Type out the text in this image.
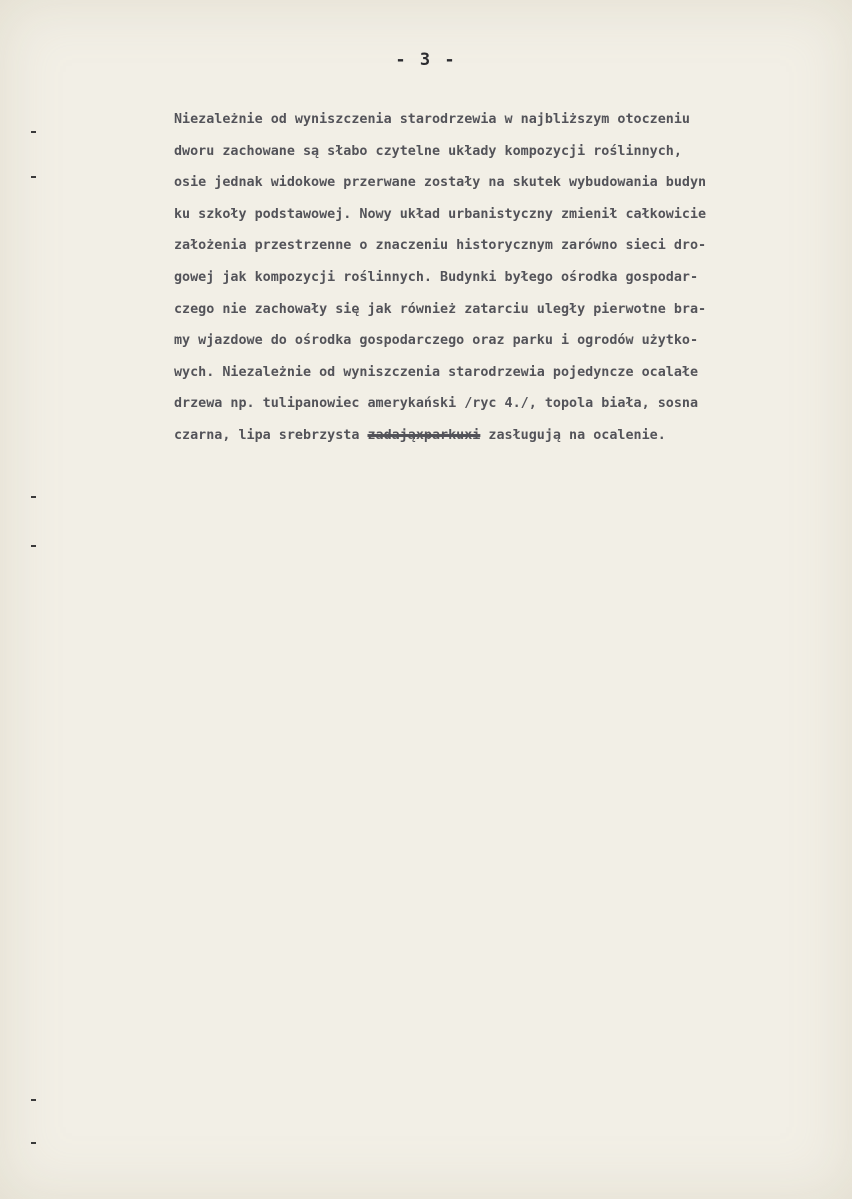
- 3 -
Niezależnie od wyniszczenia starodrzewia w najbliższym otoczeniu
dworu zachowane są słabo czytelne układy kompozycji roślinnych,
osie jednak widokowe przerwane zostały na skutek wybudowania budyn
ku szkoły podstawowej. Nowy układ urbanistyczny zmienił całkowicie
założenia przestrzenne o znaczeniu historycznym zarówno sieci dro-
gowej jak kompozycji roślinnych. Budynki byłego ośrodka gospodar-
czego nie zachowały się jak również zatarciu uległy pierwotne bra-
my wjazdowe do ośrodka gospodarczego oraz parku i ogrodów użytko-
wych. Niezależnie od wyniszczenia starodrzewia pojedyncze ocalałe
drzewa np. tulipanowiec amerykański /ryc 4./, topola biała, sosna
czarna, lipa srebrzysta zadająxparkuxi zasługują na ocalenie.
